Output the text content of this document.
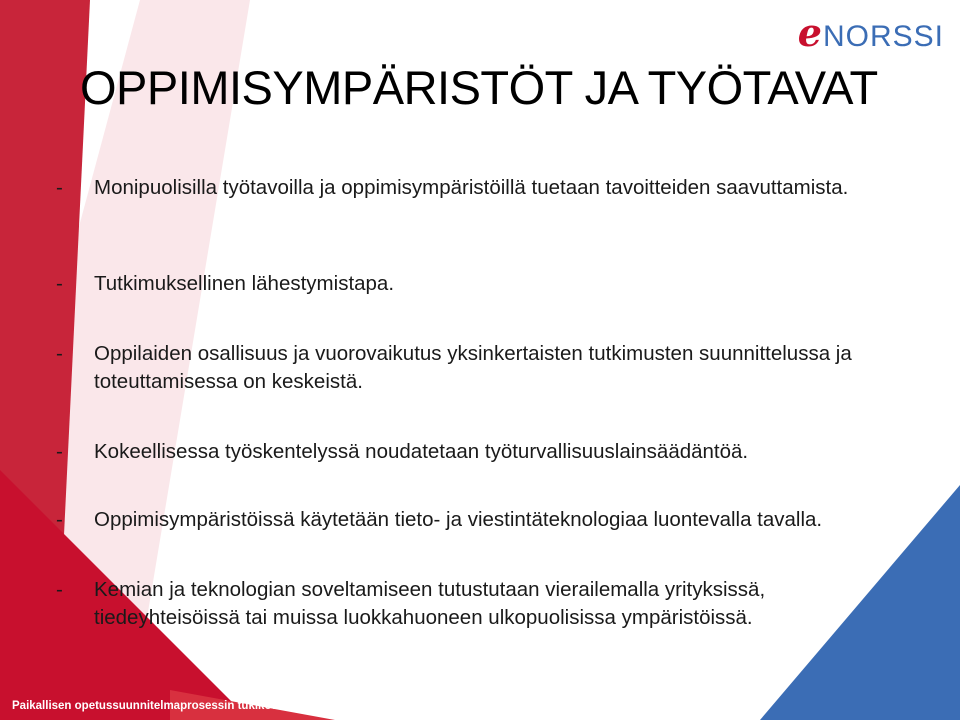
e NORSSI
OPPIMISYMPÄRISTÖT JA TYÖTAVAT
-	Monipuolisilla työtavoilla ja oppimisympäristöillä tuetaan tavoitteiden saavuttamista.
-	Tutkimuksellinen lähestymistapa.
-	Oppilaiden osallisuus ja vuorovaikutus yksinkertaisten tutkimusten suunnittelussa ja toteuttamisessa on keskeistä.
-	Kokeellisessa työskentelyssä noudatetaan työturvallisuuslainsäädäntöä.
-	Oppimisympäristöissä käytetään tieto- ja viestintäteknologiaa luontevalla tavalla.
-	Kemian ja teknologian soveltamiseen tutustutaan vierailemalla yrityksissä, tiedeyhteisöissä tai muissa luokkahuoneen ulkopuolisissa ympäristöissä.
Paikallisen opetussuunnitelmaprosessin tukikoulutus
